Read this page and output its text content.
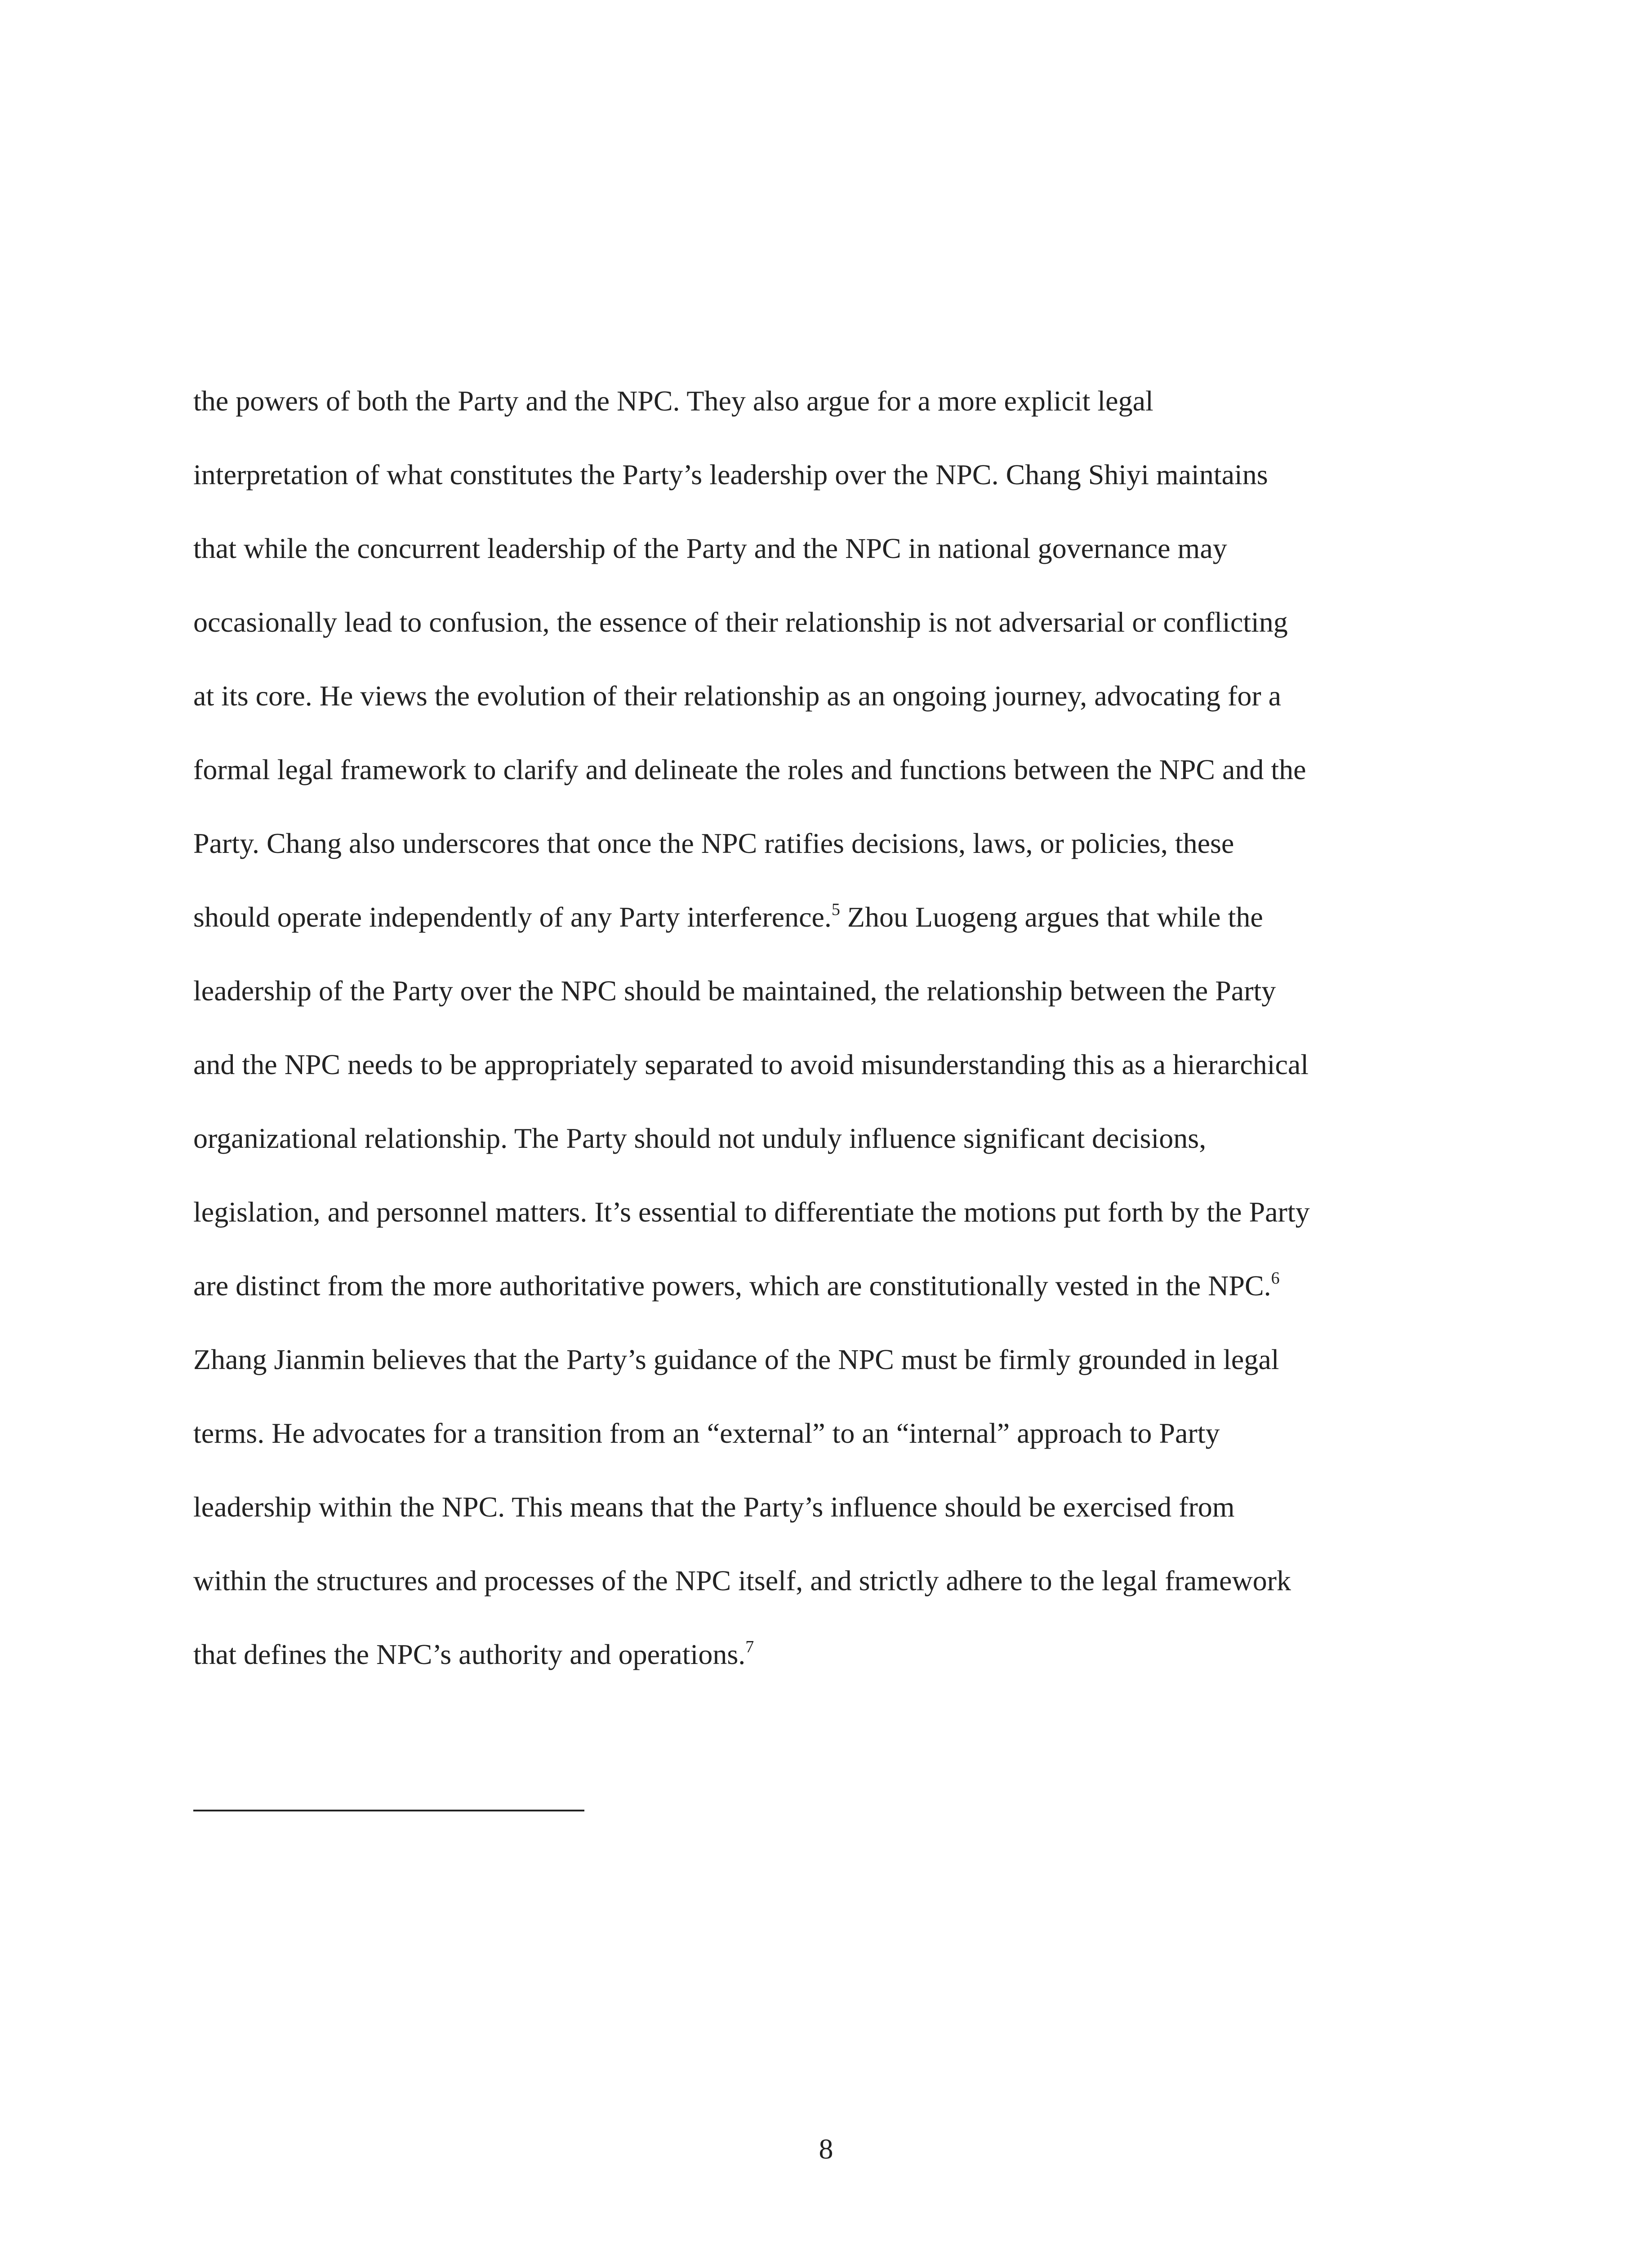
the powers of both the Party and the NPC. They also argue for a more explicit legal
interpretation of what constitutes the Party’s leadership over the NPC. Chang Shiyi maintains
that while the concurrent leadership of the Party and the NPC in national governance may
occasionally lead to confusion, the essence of their relationship is not adversarial or conflicting
at its core. He views the evolution of their relationship as an ongoing journey, advocating for a
formal legal framework to clarify and delineate the roles and functions between the NPC and the
Party. Chang also underscores that once the NPC ratifies decisions, laws, or policies, these
should operate independently of any Party interference.$^5$ Zhou Luogeng argues that while the
leadership of the Party over the NPC should be maintained, the relationship between the Party
and the NPC needs to be appropriately separated to avoid misunderstanding this as a hierarchical
organizational relationship. The Party should not unduly influence significant decisions,
legislation, and personnel matters. It’s essential to differentiate the motions put forth by the Party
are distinct from the more authoritative powers, which are constitutionally vested in the NPC.$^6$
Zhang Jianmin believes that the Party’s guidance of the NPC must be firmly grounded in legal
terms. He advocates for a transition from an “external” to an “internal” approach to Party
leadership within the NPC. This means that the Party’s influence should be exercised from
within the structures and processes of the NPC itself, and strictly adhere to the legal framework
that defines the NPC’s authority and operations.$^7$
8
